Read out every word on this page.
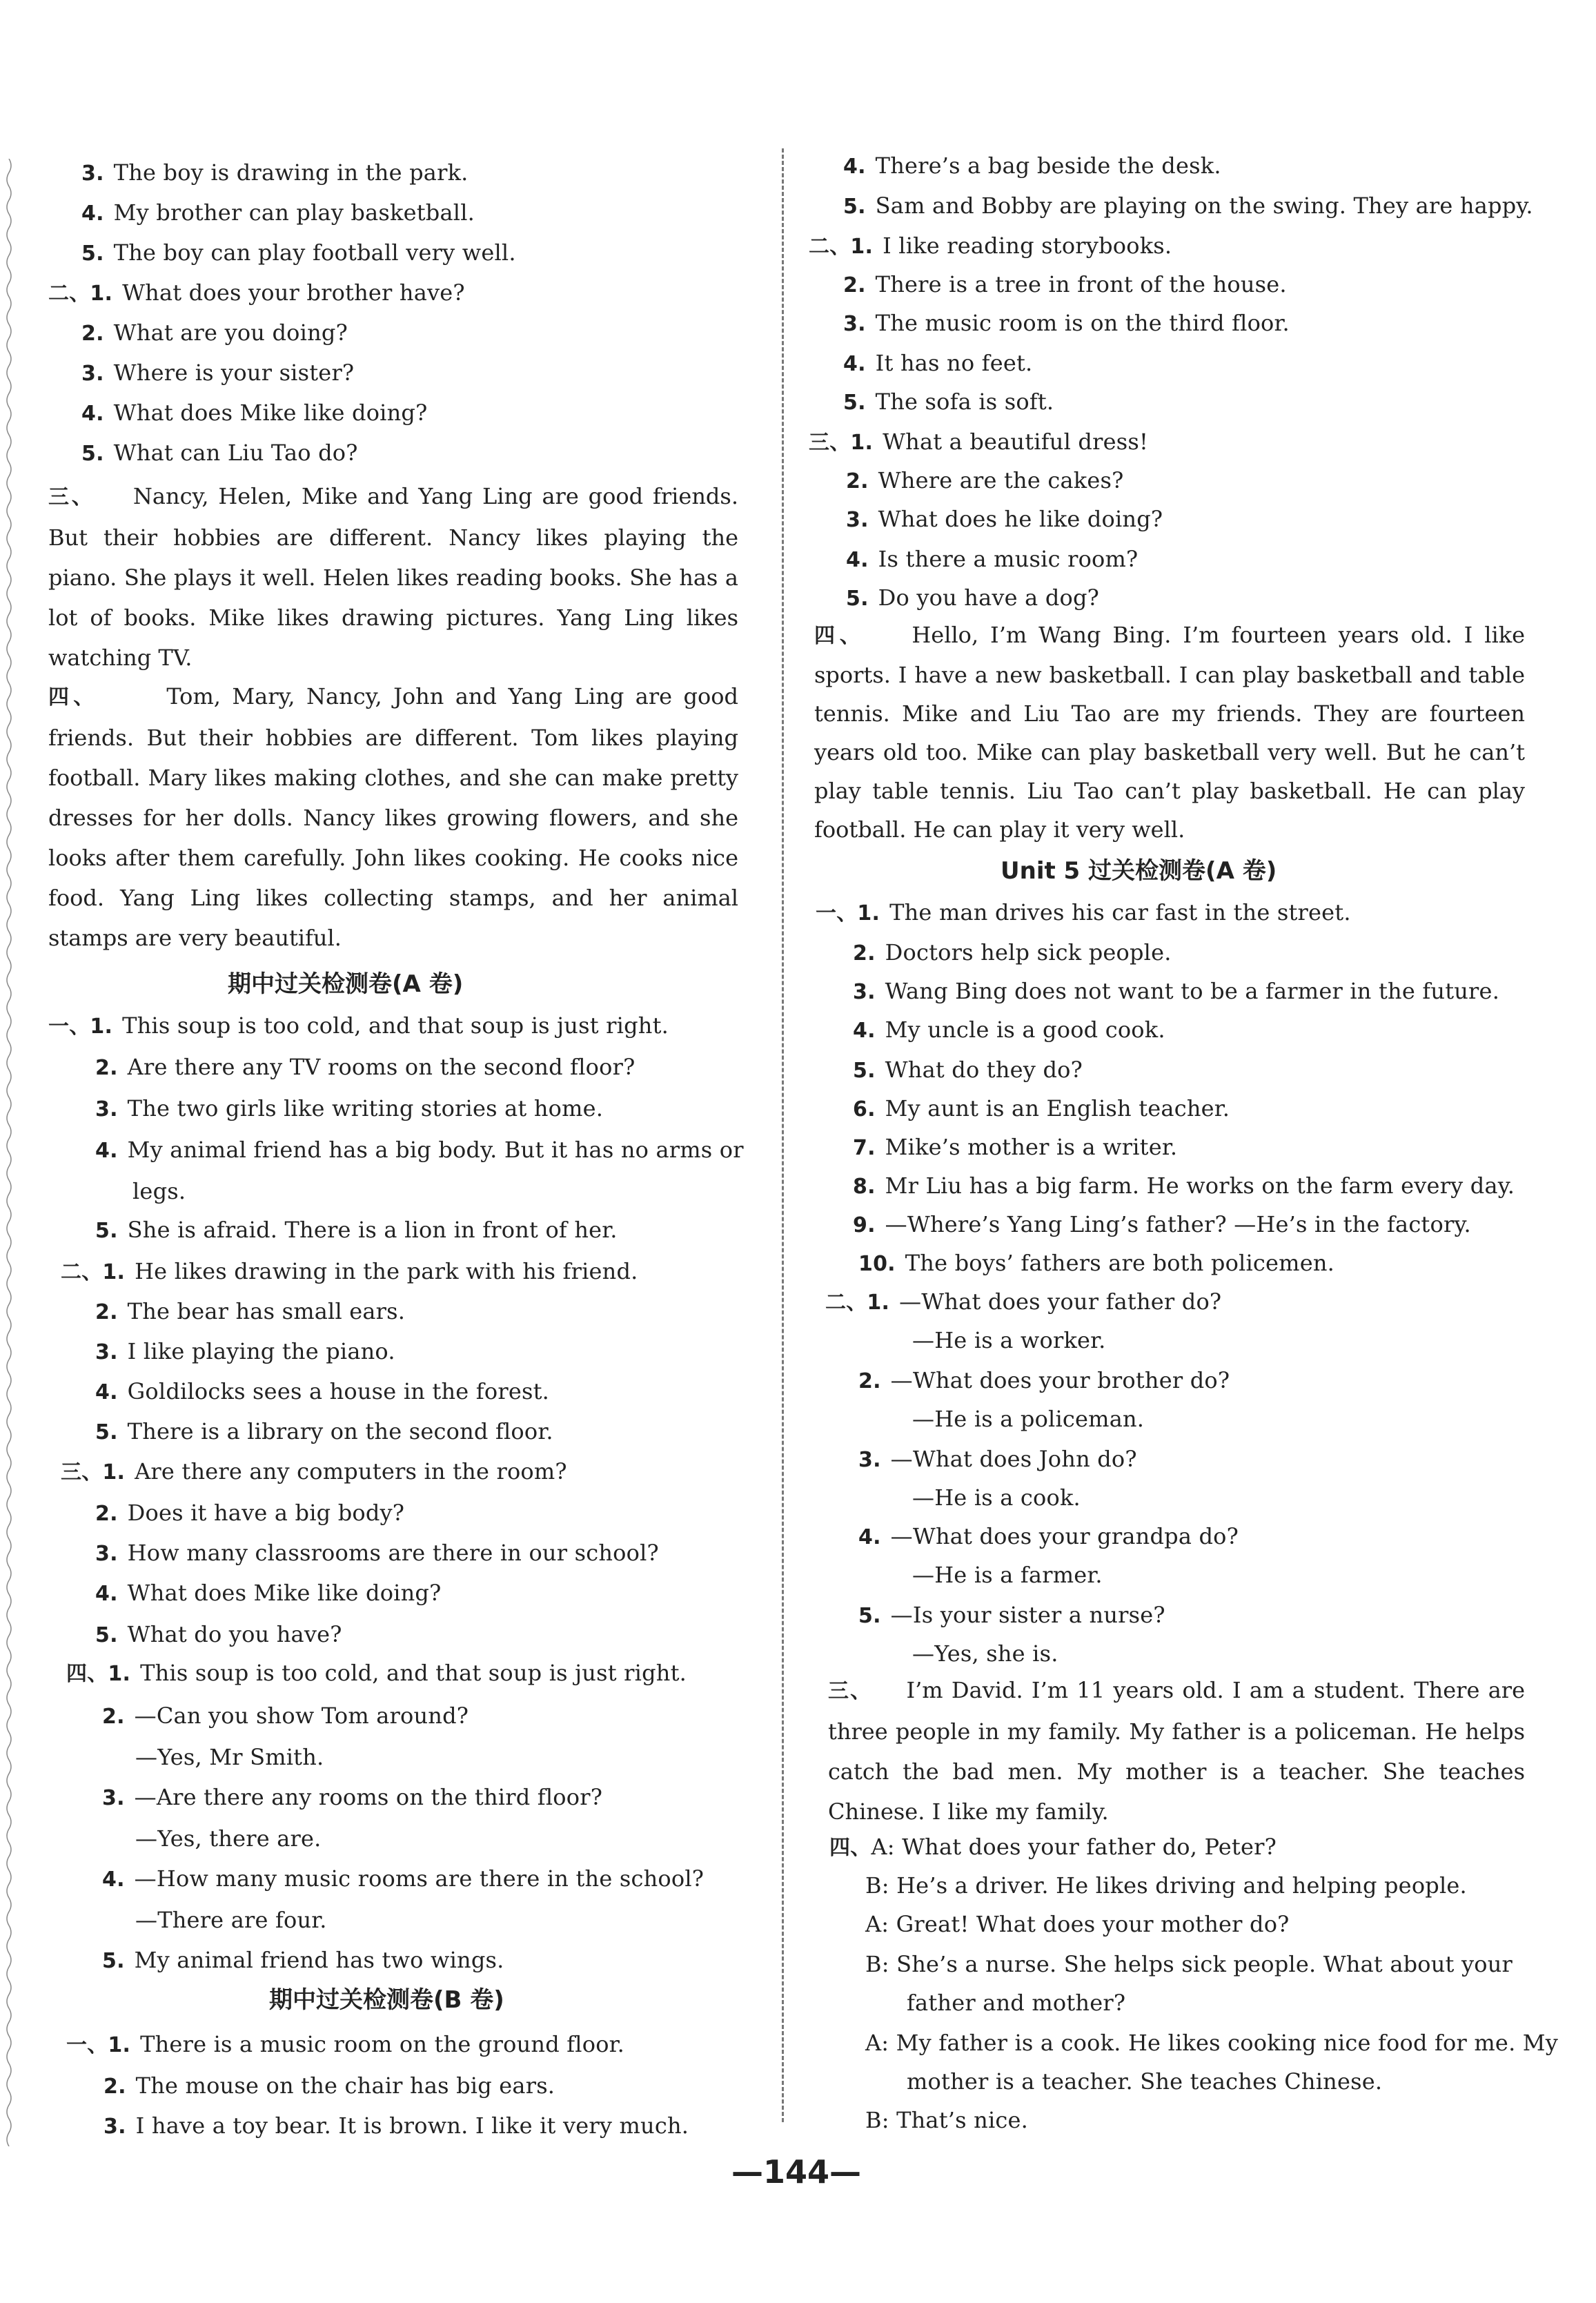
3. The boy is drawing in the park.
4. My brother can play basketball.
5. The boy can play football very well.
二、1. What does your brother have?
2. What are you doing?
3. Where is your sister?
4. What does Mike like doing?
5. What can Liu Tao do?
三、 Nancy, Helen, Mike and Yang Ling are good friends. But their hobbies are different. Nancy likes playing the piano. She plays it well. Helen likes reading books. She has a lot of books. Mike likes drawing pictures. Yang Ling likes watching TV.
四、	Tom, Mary, Nancy, John and Yang Ling are good friends. But their hobbies are different. Tom likes playing football. Mary likes making clothes, and she can make pretty dresses for her dolls. Nancy likes growing flowers, and she looks after them carefully. John likes cooking. He cooks nice food. Yang Ling likes collecting stamps, and her animal stamps are very beautiful.
期中过关检测卷(A 卷)
一、1. This soup is too cold, and that soup is just right.
2. Are there any TV rooms on the second floor?
3. The two girls like writing stories at home.
4. My animal friend has a big body. But it has no arms or
legs.
5. She is afraid. There is a lion in front of her.
二、1. He likes drawing in the park with his friend.
2. The bear has small ears.
3. I like playing the piano.
4. Goldilocks sees a house in the forest.
5. There is a library on the second floor.
三、1. Are there any computers in the room?
2. Does it have a big body?
3. How many classrooms are there in our school?
4. What does Mike like doing?
5. What do you have?
四、1. This soup is too cold, and that soup is just right.
2. —Can you show Tom around?
—Yes, Mr Smith.
3. —Are there any rooms on the third floor?
—Yes, there are.
4. —How many music rooms are there in the school?
—There are four.
5. My animal friend has two wings.
期中过关检测卷(B 卷)
一、1. There is a music room on the ground floor.
2. The mouse on the chair has big ears.
3. I have a toy bear. It is brown. I like it very much.
4. There’s a bag beside the desk.
5. Sam and Bobby are playing on the swing. They are happy.
二、1. I like reading storybooks.
2. There is a tree in front of the house.
3. The music room is on the third floor.
4. It has no feet.
5. The sofa is soft.
三、1. What a beautiful dress!
2. Where are the cakes?
3. What does he like doing?
4. Is there a music room?
5. Do you have a dog?
四、 Hello, I’m Wang Bing. I’m fourteen years old. I like sports. I have a new basketball. I can play basketball and table tennis. Mike and Liu Tao are my friends. They are fourteen years old too. Mike can play basketball very well. But he can’t play table tennis. Liu Tao can’t play basketball. He can play football. He can play it very well.
Unit 5 过关检测卷(A 卷)
一、1. The man drives his car fast in the street.
2. Doctors help sick people.
3. Wang Bing does not want to be a farmer in the future.
4. My uncle is a good cook.
5. What do they do?
6. My aunt is an English teacher.
7. Mike’s mother is a writer.
8. Mr Liu has a big farm. He works on the farm every day.
9. —Where’s Yang Ling’s father? —He’s in the factory.
10. The boys’ fathers are both policemen.
二、1. —What does your father do?
—He is a worker.
2. —What does your brother do?
—He is a policeman.
3. —What does John do?
—He is a cook.
4. —What does your grandpa do?
—He is a farmer.
5. —Is your sister a nurse?
—Yes, she is.
三、 I’m David. I’m 11 years old. I am a student. There are three people in my family. My father is a policeman. He helps catch the bad men. My mother is a teacher. She teaches Chinese. I like my family.
四、A: What does your father do, Peter?
B: He’s a driver. He likes driving and helping people.
A: Great! What does your mother do?
B: She’s a nurse. She helps sick people. What about your
father and mother?
A: My father is a cook. He likes cooking nice food for me. My
mother is a teacher. She teaches Chinese.
B: That’s nice.
—144—
